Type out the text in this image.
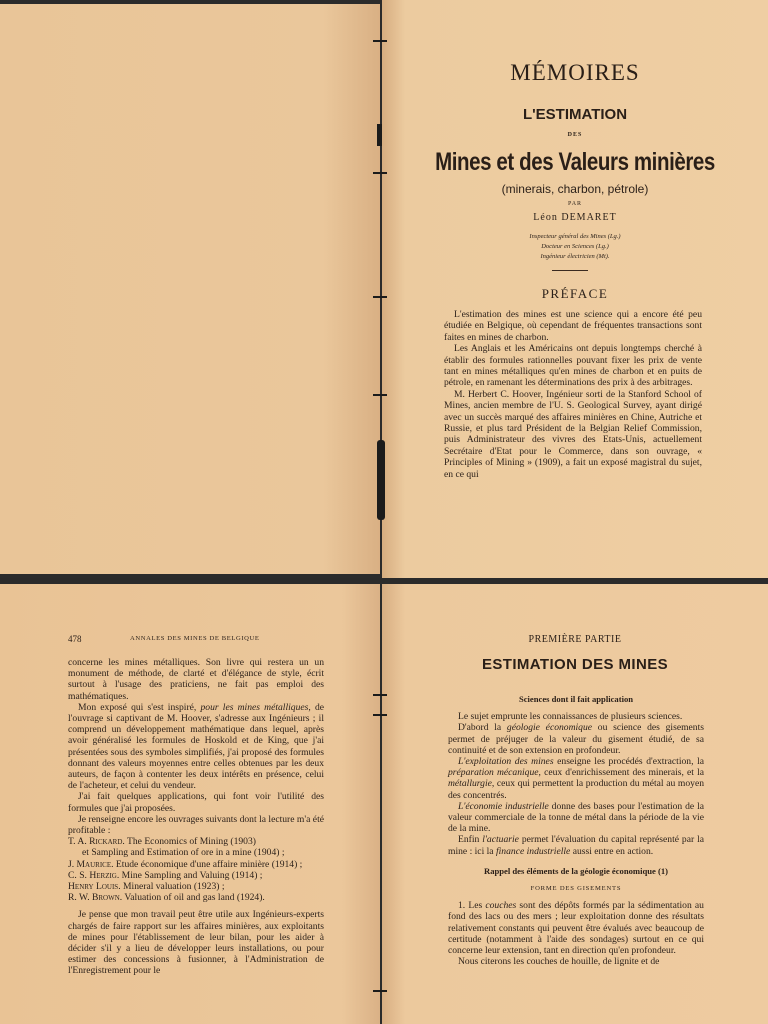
MÉMOIRES
L'ESTIMATION
DES
Mines et des Valeurs minières
(minerais, charbon, pétrole)
PAR
Léon DEMARET
Inspecteur général des Mines (Lg.)
Docteur en Sciences (Lg.)
Ingénieur électricien (Mt).
PRÉFACE

L'estimation des mines est une science qui a encore été peu étudiée en Belgique, où cependant de fréquentes transactions sont faites en mines de charbon.

Les Anglais et les Américains ont depuis longtemps cherché à établir des formules rationnelles pouvant fixer les prix de vente tant en mines métalliques qu'en mines de charbon et en puits de pétrole, en ramenant les déterminations des prix à des arbitrages.

M. Herbert C. Hoover, Ingénieur sorti de la Stanford School of Mines, ancien membre de l'U. S. Geological Survey, ayant dirigé avec un succès marqué des affaires minières en Chine, Autriche et Russie, et plus tard Président de la Belgian Relief Commission, puis Administrateur des vivres des Etats-Unis, actuellement Secrétaire d'Etat pour le Commerce, dans son ouvrage, « Principles of Mining » (1909), a fait un exposé magistral du sujet, en ce qui

478	ANNALES DES MINES DE BELGIQUE

concerne les mines métalliques. Son livre qui restera un un monument de méthode, de clarté et d'élégance de style, écrit surtout à l'usage des praticiens, ne fait pas emploi des mathématiques.

Mon exposé qui s'est inspiré, pour les mines métalliques, de l'ouvrage si captivant de M. Hoover, s'adresse aux Ingénieurs ; il comprend un développement mathématique dans lequel, après avoir généralisé les formules de Hoskold et de King, que j'ai présentées sous des symboles simplifiés, j'ai proposé des formules donnant des valeurs moyennes entre celles obtenues par les deux auteurs, de façon à contenter les deux intérêts en présence, celui de l'acheteur, et celui du vendeur.

J'ai fait quelques applications, qui font voir l'utilité des formules que j'ai proposées.

Je renseigne encore les ouvrages suivants dont la lecture m'a été profitable :

T. A. Rickard. The Economics of Mining (1903)

et Sampling and Estimation of ore in a mine (1904) ;

J. Maurice. Etude économique d'une affaire minière (1914) ;

C. S. Herzig. Mine Sampling and Valuing (1914) ;

Henry Louis. Mineral valuation (1923) ;

R. W. Brown. Valuation of oil and gas land (1924).

Je pense que mon travail peut être utile aux Ingénieurs-experts chargés de faire rapport sur les affaires minières, aux exploitants de mines pour l'établissement de leur bilan, pour les aider à décider s'il y a lieu de développer leurs installations, ou pour estimer des concessions à fusionner, à l'Administration de l'Enregistrement pour le

PREMIÈRE PARTIE
ESTIMATION DES MINES

Sciences dont il fait application

Le sujet emprunte les connaissances de plusieurs sciences.

D'abord la géologie économique ou science des gisements permet de préjuger de la valeur du gisement étudié, de sa continuité et de son extension en profondeur.

L'exploitation des mines enseigne les procédés d'extraction, la préparation mécanique, ceux d'enrichissement des minerais, et la métallurgie, ceux qui permettent la production du métal au moyen des concentrés.

L'économie industrielle donne des bases pour l'estimation de la valeur commerciale de la tonne de métal dans la période de la vie de la mine.

Enfin l'actuarie permet l'évaluation du capital représenté par la mine : ici la finance industrielle aussi entre en action.

Rappel des éléments de la géologie économique (1)

FORME DES GISEMENTS

1. Les couches sont des dépôts formés par la sédimentation au fond des lacs ou des mers ; leur exploitation donne des résultats relativement constants qui peuvent être évalués avec beaucoup de certitude (notamment à l'aide des sondages) surtout en ce qui concerne leur extension, tant en direction qu'en profondeur.

Nous citerons les couches de houille, de lignite et de
